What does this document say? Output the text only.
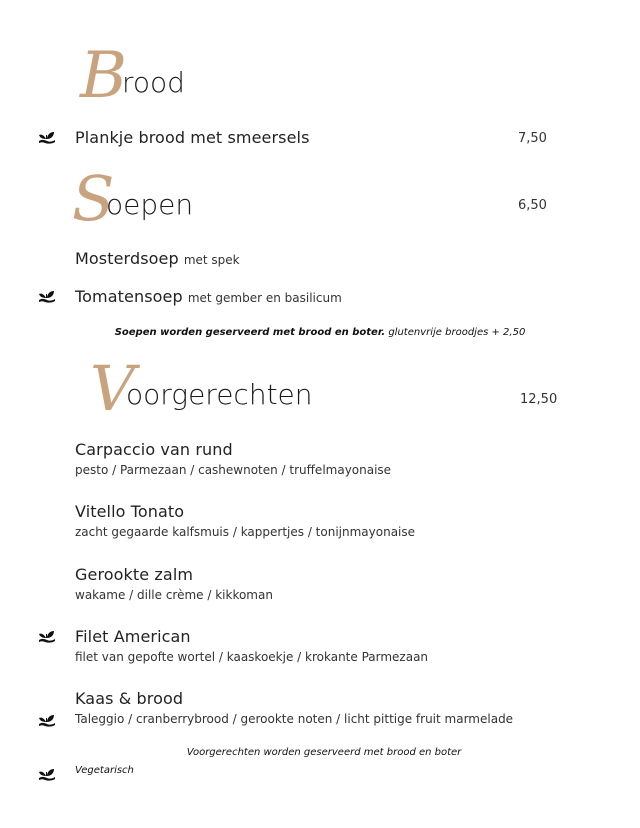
B
rood
Plankje brood met smeersels	7,50
S
oepen	6,50
Mosterdsoep met spek
Tomatensoep met gember en basilicum
Soepen worden geserveerd met brood en boter. glutenvrije broodjes + 2,50
V
oorgerechten	12,50
Carpaccio van rund
pesto / Parmezaan / cashewnoten / truffelmayonaise
Vitello Tonato
zacht gegaarde kalfsmuis / kappertjes / tonijnmayonaise
Gerookte zalm
wakame / dille crème / kikkoman
Filet American
filet van gepofte wortel / kaaskoekje / krokante Parmezaan
Kaas & brood
Taleggio / cranberrybrood / gerookte noten / licht pittige fruit marmelade
Voorgerechten worden geserveerd met brood en boter
Vegetarisch
